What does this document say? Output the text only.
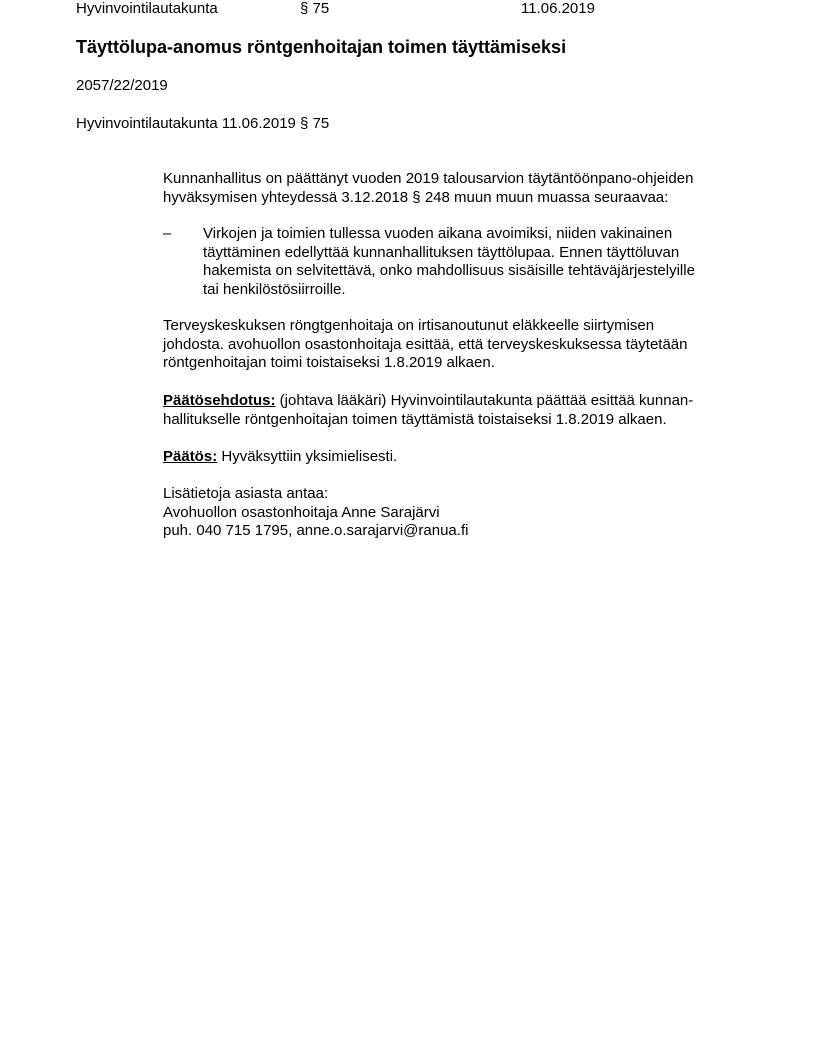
Hyvinvointilautakunta	§ 75	11.06.2019
Täyttölupa-anomus röntgenhoitajan toimen täyttämiseksi
2057/22/2019
Hyvinvointilautakunta 11.06.2019 § 75
Kunnanhallitus on päättänyt vuoden 2019 talousarvion täytäntöönpano-ohjeiden
hyväksymisen yhteydessä 3.12.2018 § 248 muun muun muassa seuraavaa:
– Virkojen ja toimien tullessa vuoden aikana avoimiksi, niiden vakinainen
täyttäminen edellyttää kunnanhallituksen täyttölupaa. Ennen täyttöluvan
hakemista on selvitettävä, onko mahdollisuus sisäisille tehtäväjärjestelyille
tai henkilöstösiirroille.
Terveyskeskuksen röngtgenhoitaja on irtisanoutunut eläkkeelle siirtymisen
johdosta. avohuollon osastonhoitaja esittää, että terveyskeskuksessa täytetään
röntgenhoitajan toimi toistaiseksi 1.8.2019 alkaen.
Päätösehdotus: (johtava lääkäri) Hyvinvointilautakunta päättää esittää kunnan-
hallitukselle röntgenhoitajan toimen täyttämistä toistaiseksi 1.8.2019 alkaen.
Päätös: Hyväksyttiin yksimielisesti.
Lisätietoja asiasta antaa:
Avohuollon osastonhoitaja Anne Sarajärvi
puh. 040 715 1795, anne.o.sarajarvi@ranua.fi
